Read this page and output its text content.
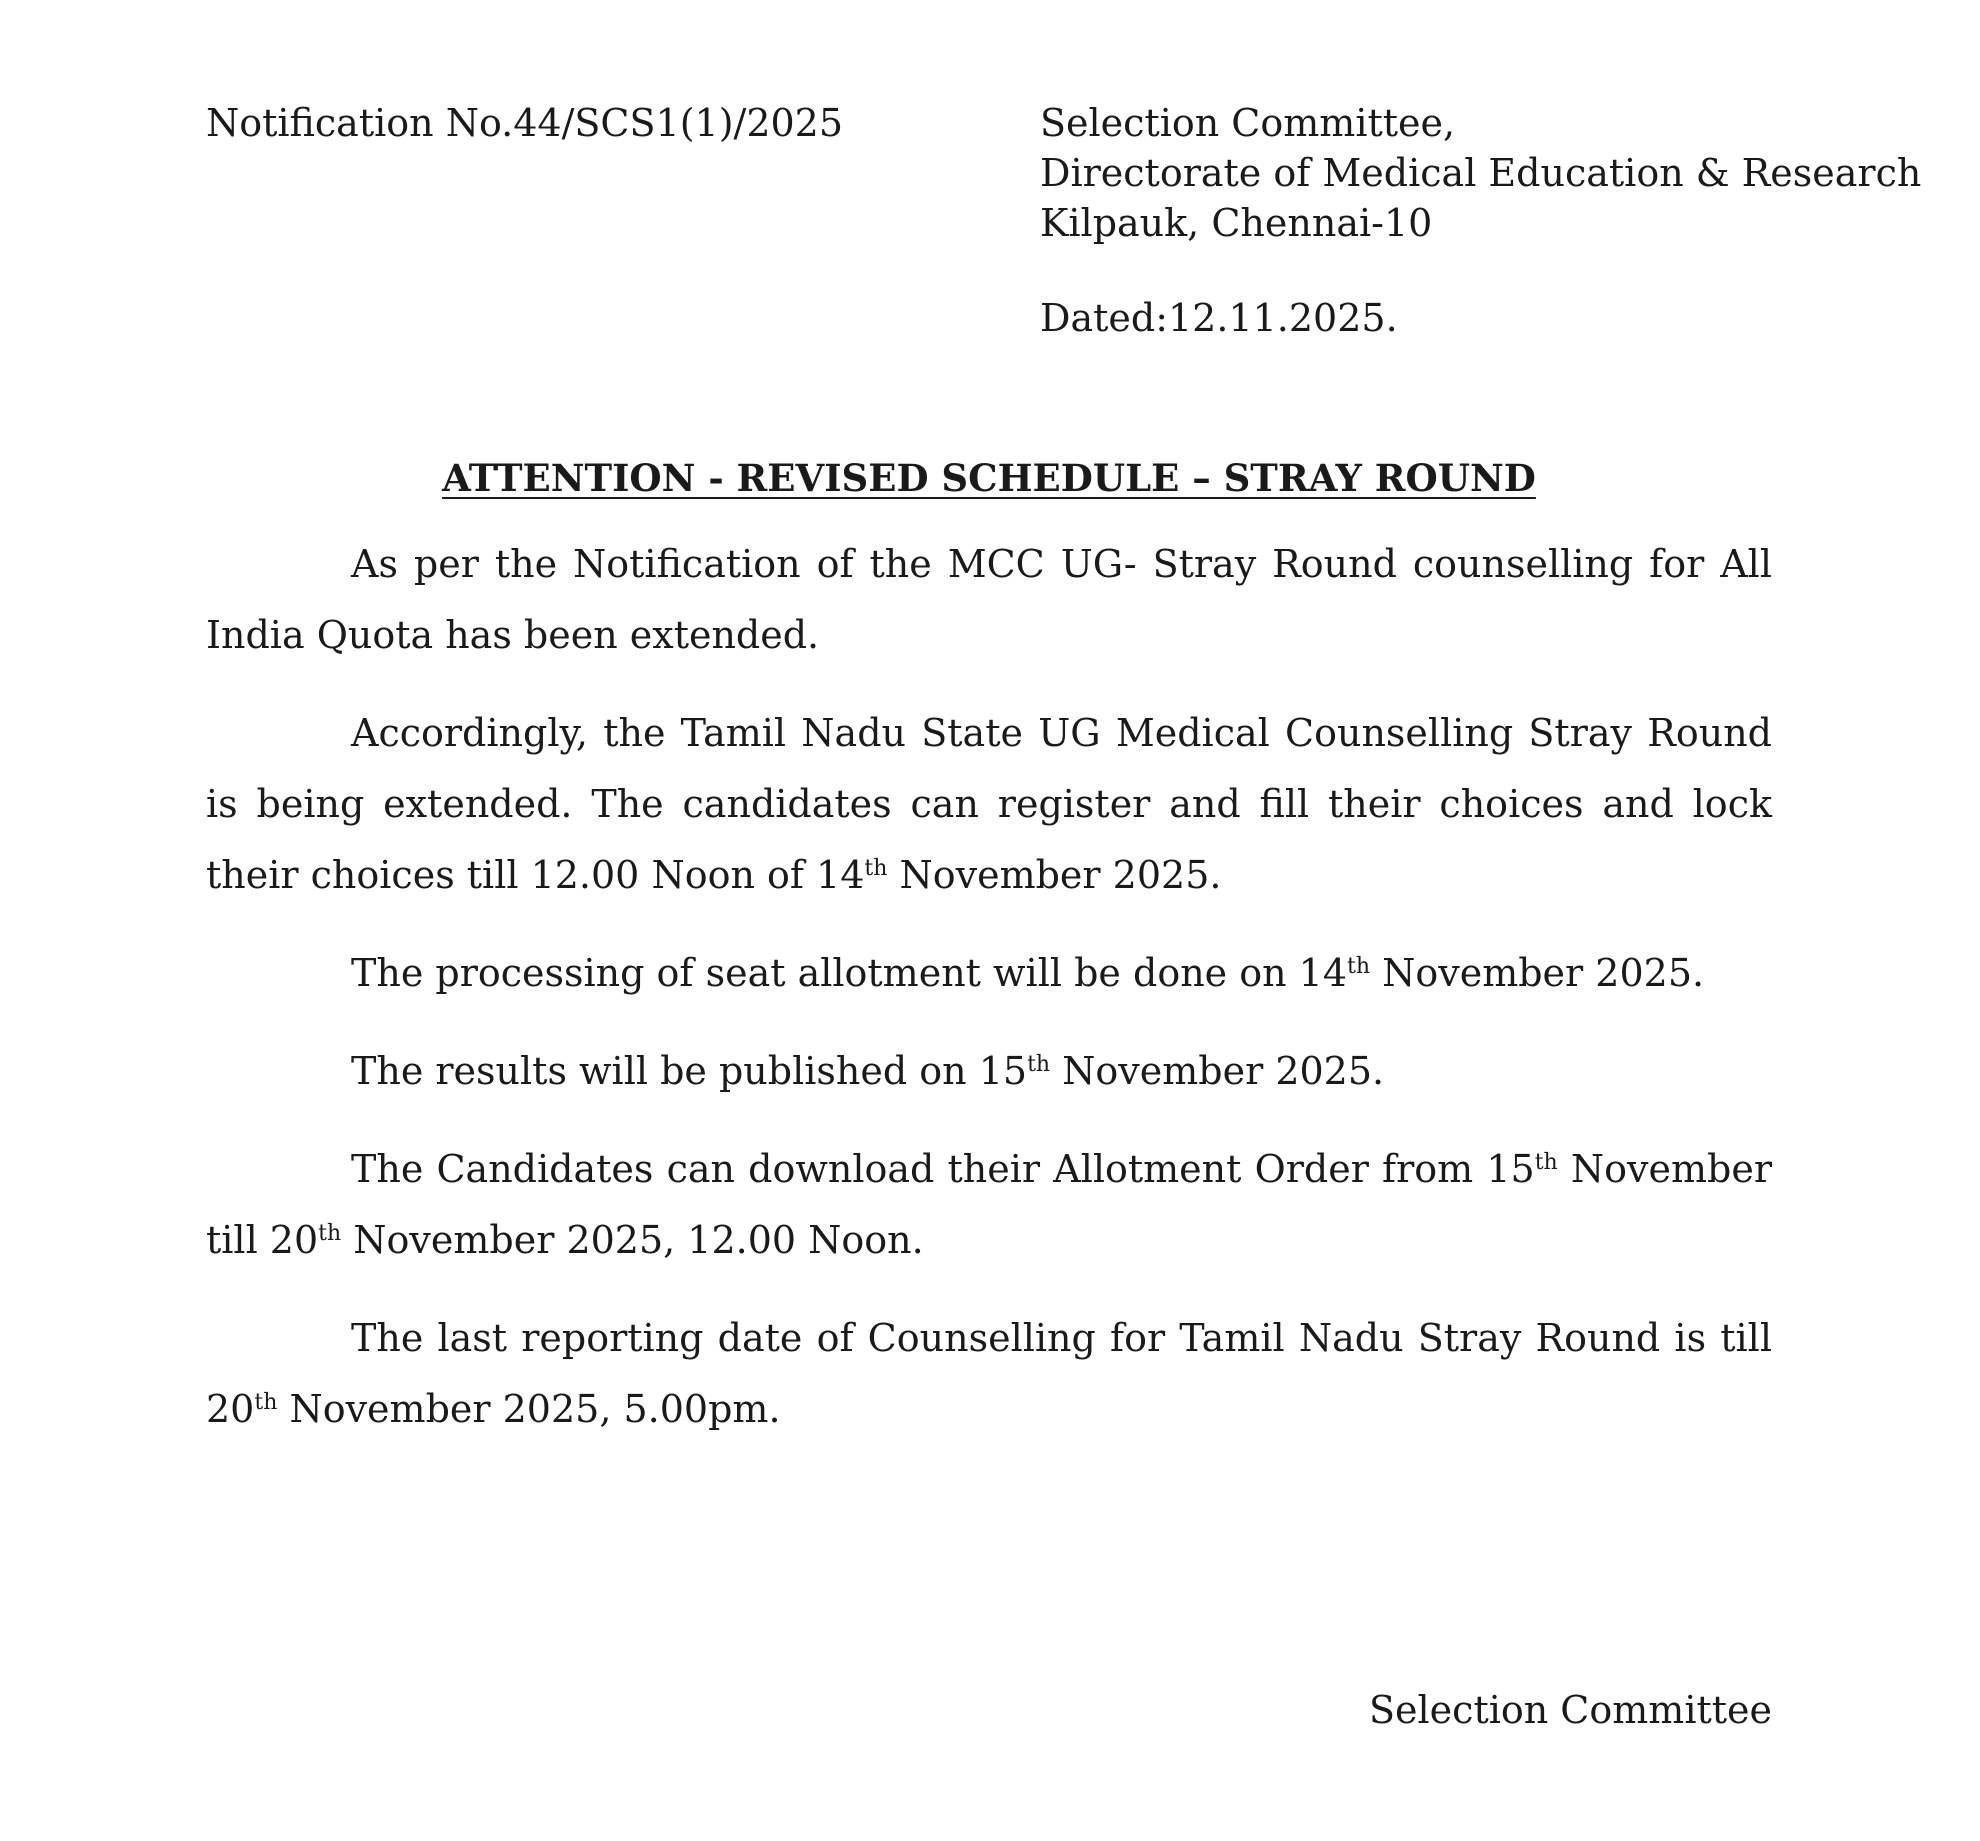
Notification No.44/SCS1(1)/2025	Selection Committee,
Directorate of Medical Education & Research
Kilpauk, Chennai-10
Dated:12.11.2025.
ATTENTION - REVISED SCHEDULE – STRAY ROUND

As per the Notification of the MCC UG- Stray Round counselling for All India Quota has been extended.

Accordingly, the Tamil Nadu State UG Medical Counselling Stray Round is being extended. The candidates can register and fill their choices and lock their choices till 12.00 Noon of 14th November 2025.

The processing of seat allotment will be done on 14th November 2025.

The results will be published on 15th November 2025.

The Candidates can download their Allotment Order from 15th November till 20th November 2025, 12.00 Noon.

The last reporting date of Counselling for Tamil Nadu Stray Round is till 20th November 2025, 5.00pm.

Selection Committee
